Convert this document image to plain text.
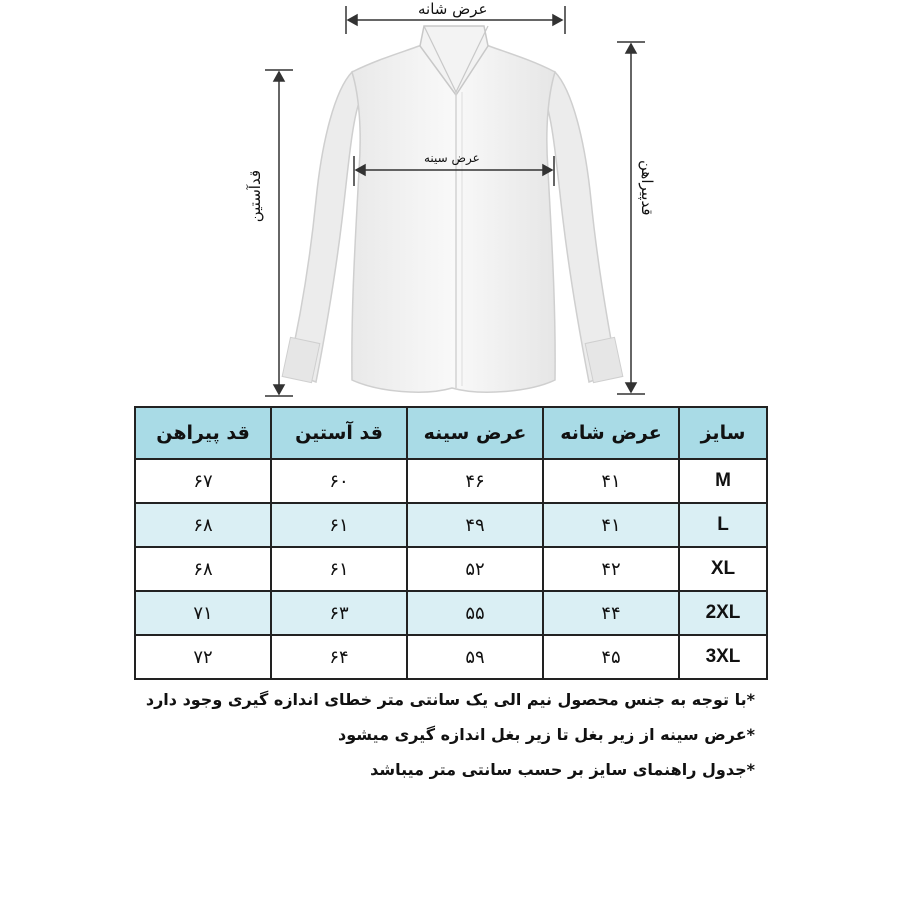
عرض شانه
عرض سینه
قدآستین	قدپیراهن
سایز	عرض شانه	عرض سینه	قد آستین	قد پیراهن
M	۴۱	۴۶	۶۰	۶۷
L	۴۱	۴۹	۶۱	۶۸
XL	۴۲	۵۲	۶۱	۶۸
2XL	۴۴	۵۵	۶۳	۷۱
3XL	۴۵	۵۹	۶۴	۷۲
*با توجه به جنس محصول نیم الی یک سانتی متر خطای اندازه گیری وجود دارد
*عرض سینه از زیر بغل تا زیر بغل اندازه گیری میشود
*جدول راهنمای سایز بر حسب سانتی متر میباشد
